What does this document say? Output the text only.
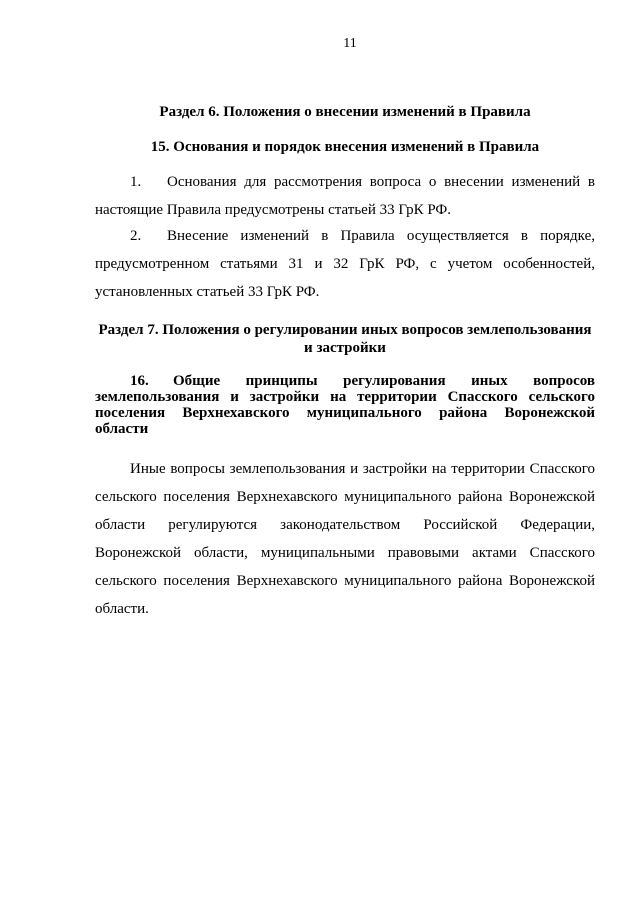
11
Раздел 6. Положения о внесении изменений в Правила
15. Основания и порядок внесения изменений в Правила
1. Основания для рассмотрения вопроса о внесении изменений в настоящие Правила предусмотрены статьей 33 ГрК РФ.
2. Внесение изменений в Правила осуществляется в порядке, предусмотренном статьями 31 и 32 ГрК РФ, с учетом особенностей, установленных статьей 33 ГрК РФ.
Раздел 7. Положения о регулировании иных вопросов землепользования и застройки
16. Общие принципы регулирования иных вопросов землепользования и застройки на территории Спасского сельского поселения Верхнехавского муниципального района Воронежской области
Иные вопросы землепользования и застройки на территории Спасского сельского поселения Верхнехавского муниципального района Воронежской области регулируются законодательством Российской Федерации, Воронежской области, муниципальными правовыми актами Спасского сельского поселения Верхнехавского муниципального района Воронежской области.
